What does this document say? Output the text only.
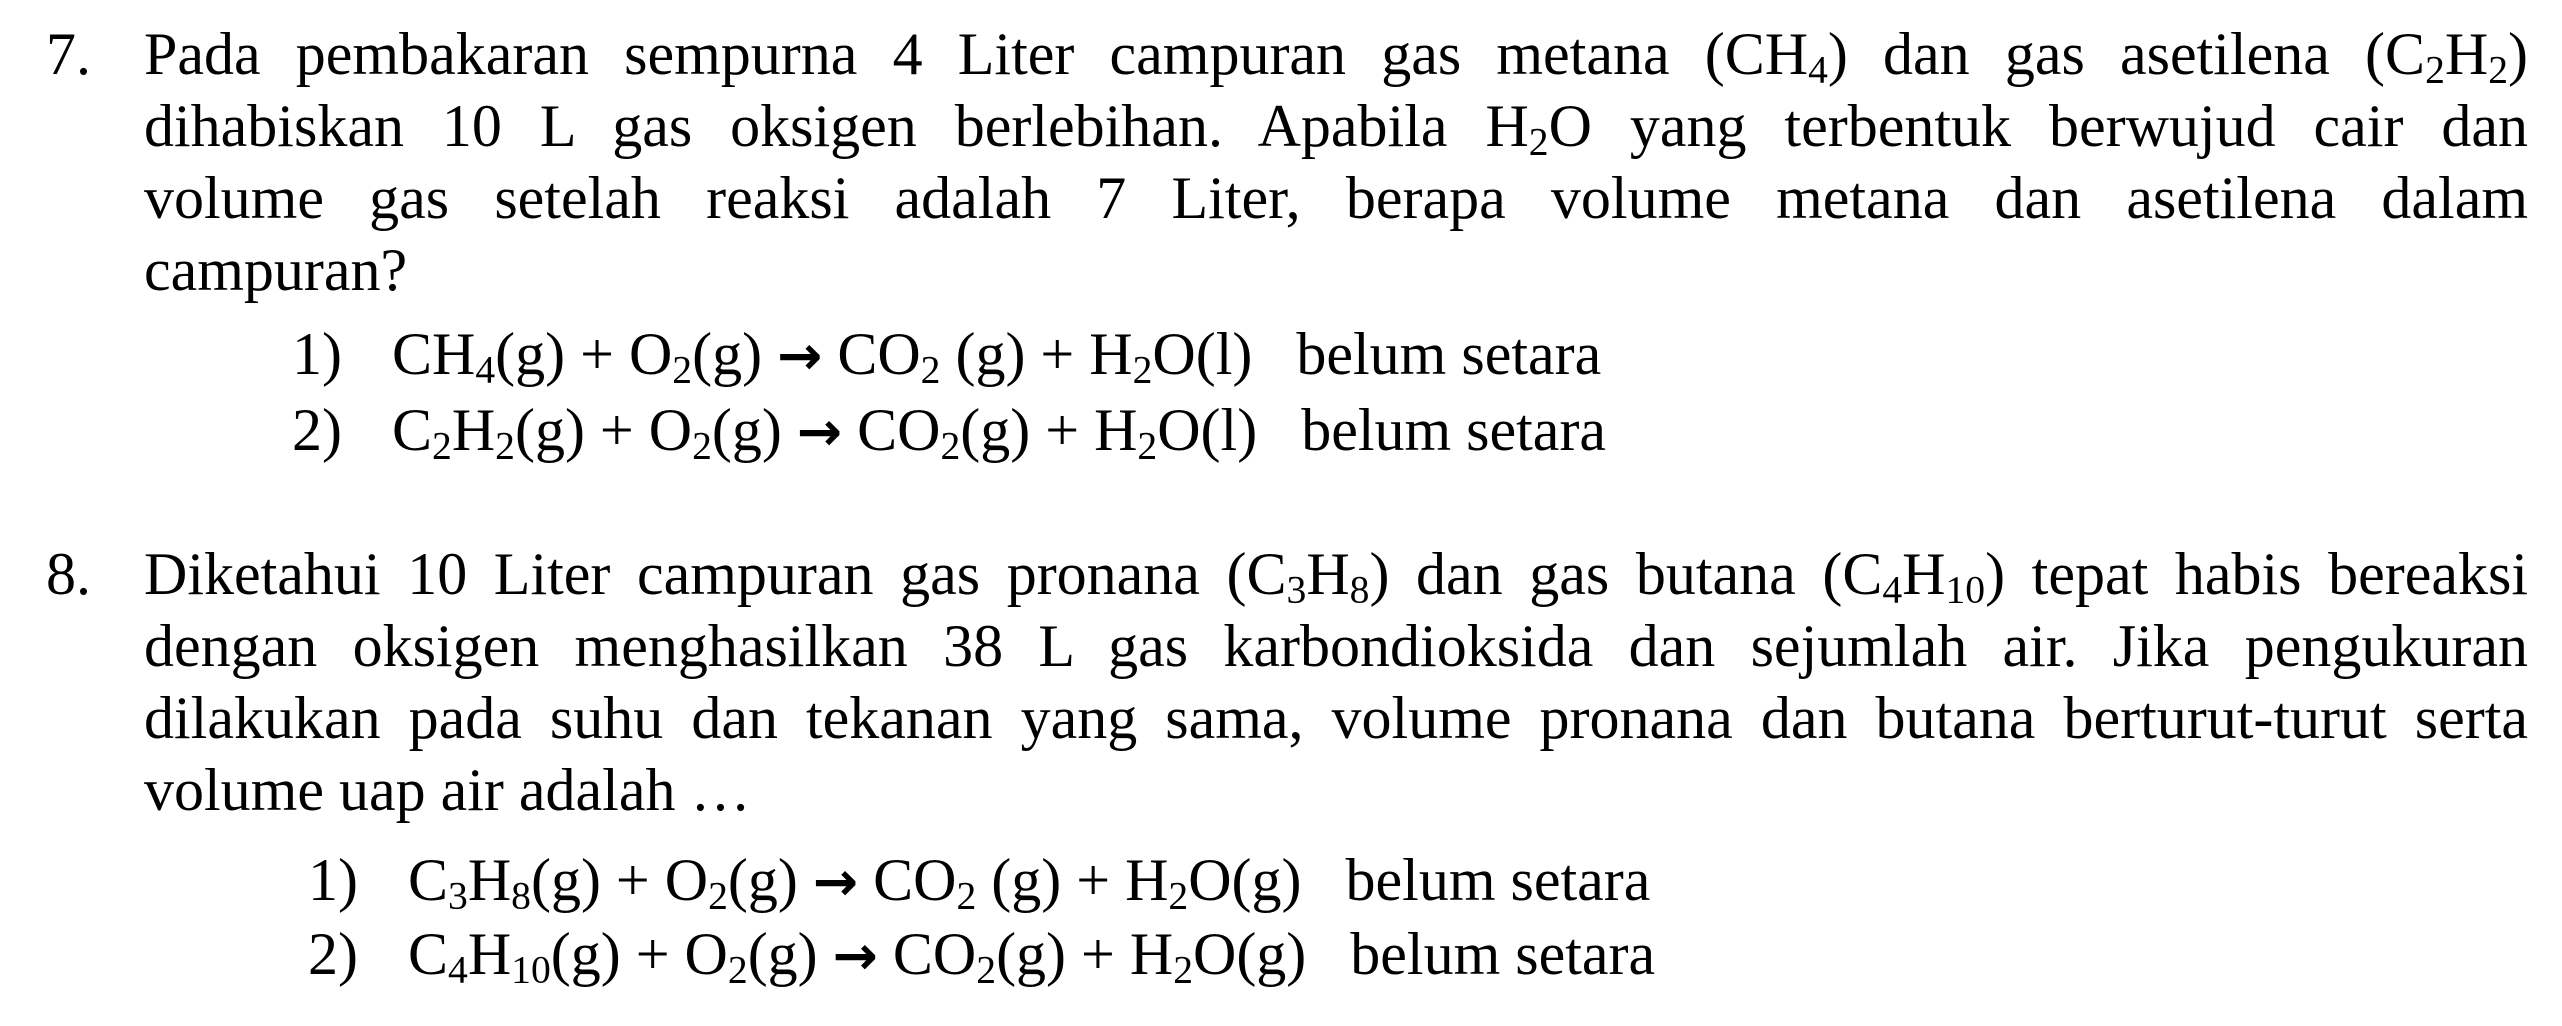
7. Pada pembakaran sempurna 4 Liter campuran gas metana $(CH_4)$ dan gas asetilena $(C_2H_2)$
dihabiskan 10 L gas oksigen berlebihan. Apabila $H_2O$ yang terbentuk berwujud cair dan
volume gas setelah reaksi adalah 7 Liter, berapa volume metana dan asetilena dalam
campuran?

1) $CH_4(g) + O_2(g) \to CO_2$ $(g) + H_2O(l)$ belum setara
2) $C_2H_2(g) + O_2(g) \to CO_2(g) + H_2O(l)$ belum setara
8. Diketahui 10 Liter campuran gas pronana $(C_3H_8)$ dan gas butana $(C_4H_{10})$ tepat habis bereaksi
dengan oksigen menghasilkan 38 L gas karbondioksida dan sejumlah air. Jika pengukuran
dilakukan pada suhu dan tekanan yang sama, volume pronana dan butana berturut-turut serta
volume uap air adalah …

1) $C_3H_8(g) + O_2(g) \to CO_2$ $(g) + H_2O(g)$ belum setara
2) $C_4H_{10}(g) + O_2(g) \to CO_2(g) + H_2O(g)$ belum setara
